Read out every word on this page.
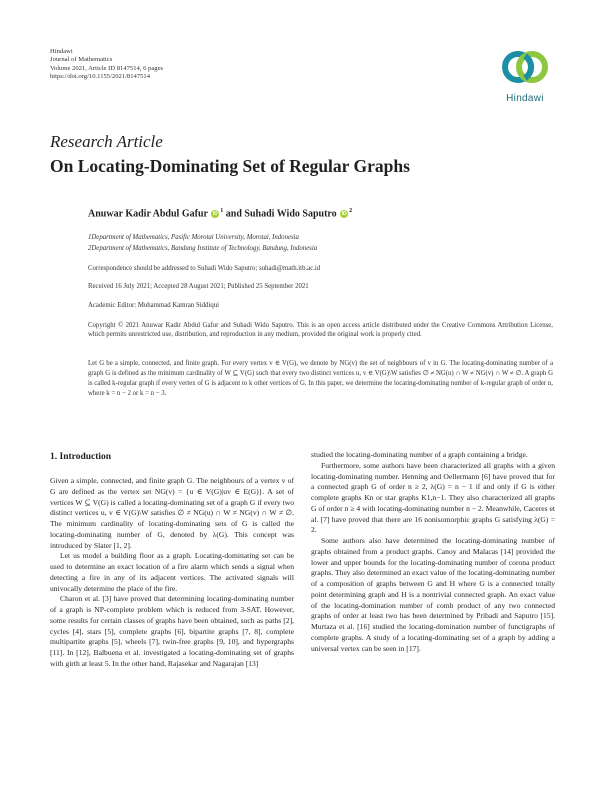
Hindawi
Journal of Mathematics
Volume 2021, Article ID 8147514, 6 pages
https://doi.org/10.1155/2021/8147514
Hindawi
Research Article
On Locating-Dominating Set of Regular Graphs
Anuwar Kadir Abdul Gafur $iD^1$ and Suhadi Wido Saputro $iD^2$
1Department of Mathematics, Pasific Morotai University, Morotai, Indonesia
2Department of Mathematics, Bandung Institute of Technology, Bandung, Indonesia
Correspondence should be addressed to Suhadi Wido Saputro; suhadi@math.itb.ac.id
Received 16 July 2021; Accepted 28 August 2021; Published 25 September 2021
Academic Editor: Muhammad Kamran Siddiqui
Copyright © 2021 Anuwar Kadir Abdul Gafur and Suhadi Wido Saputro. This is an open access article distributed under the Creative Commons Attribution License, which permits unrestricted use, distribution, and reproduction in any medium, provided the original work is properly cited.
Let G be a simple, connected, and finite graph. For every vertex v ∈ V(G), we denote by NG(v) the set of neighbours of v in G. The locating-dominating number of a graph G is defined as the minimum cardinality of W ⊆ V(G) such that every two distinct vertices u, v ∈ V(G)\W satisfies ∅ ≠ NG(u) ∩ W ≠ NG(v) ∩ W ≠ ∅. A graph G is called k-regular graph if every vertex of G is adjacent to k other vertices of G. In this paper, we determine the locating-dominating number of k-regular graph of order n, where k = n − 2 or k = n − 3.
1. Introduction

Given a simple, connected, and finite graph G. The neighbours of a vertex v of G are defined as the vertex set NG(v) = {u ∈ V(G)|uv ∈ E(G)}. A set of vertices W ⊆ V(G) is called a locating-dominating set of a graph G if every two distinct vertices u, v ∈ V(G)\W satisfies ∅ ≠ NG(u) ∩ W ≠ NG(v) ∩ W ≠ ∅. The minimum cardinality of locating-dominating sets of G is called the locating-dominating number of G, denoted by λ(G). This concept was introduced by Slater [1, 2].

Let us model a building floor as a graph. Locating-dominating set can be used to determine an exact location of a fire alarm which sends a signal when detecting a fire in any of its adjacent vertices. The activated signals will univocally determine the place of the fire.

Charon et al. [3] have proved that determining locating-dominating number of a graph is NP-complete problem which is reduced from 3-SAT. However, some results for certain classes of graphs have been obtained, such as paths [2], cycles [4], stars [5], complete graphs [6], bipartite graphs [7, 8], complete multipartite graphs [5], wheels [7], twin-free graphs [9, 10], and hypergraphs [11]. In [12], Balbuena et al. investigated a locating-dominating set of graphs with girth at least 5. In the other hand, Rajasekar and Nagarajan [13]

studied the locating-dominating number of a graph containing a bridge.

Furthermore, some authors have been characterized all graphs with a given locating-dominating number. Henning and Oellermann [6] have proved that for a connected graph G of order n ≥ 2, λ(G) = n − 1 if and only if G is either complete graphs Kn or star graphs K1,n−1. They also characterized all graphs G of order n ≥ 4 with locating-dominating number n − 2. Meanwhile, Caceres et al. [7] have proved that there are 16 nonisomorphic graphs G satisfying λ(G) = 2.

Some authors also have determined the locating-dominating number of graphs obtained from a product graphs. Canoy and Malacas [14] provided the lower and upper bounds for the locating-dominating number of corona product graphs. They also determined an exact value of the locating-dominating number of a composition of graphs between G and H where G is a connected totally point determining graph and H is a nontrivial connected graph. An exact value of the locating-domination number of comb product of any two connected graphs of order at least two has been determined by Pribadi and Saputro [15]. Murtaza et al. [16] studied the locating-domination number of functigraphs of complete graphs. A study of a locating-dominating set of a graph by adding a universal vertex can be seen in [17].
